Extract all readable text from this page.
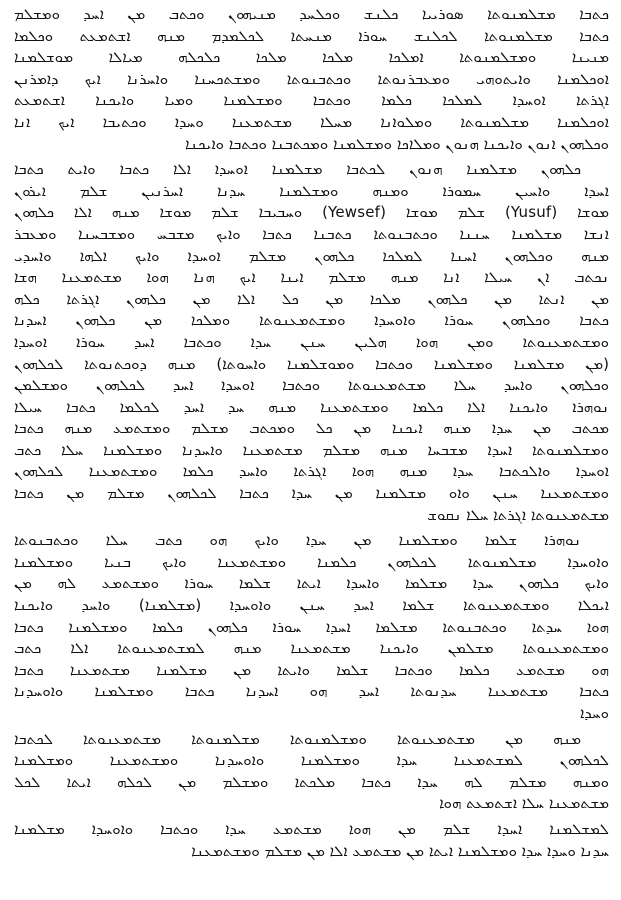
ܟܬܒܐ ܡܫܠܡܢܘܬܐ ܣܘܪܝܝܐ ܟܠܢܫ ܘܟܠܚܕ ܡܢܝܗܘܢ ܘܟܬܒ ܡܢ ܐܚܕ ܘܡܫܠܡ
ܟܬܒܐ ܡܫܠܡܢܘܬܐ ܠܟܠܢܫ ܚܘܪܐ ܡܢܚܬܐ ܠܟܠܡܕܡ ܡܢܗ ܐܫܬܡܥܬ ܘܟܠܡܐ
ܡܢܝܢܐ ܘܡܫܠܡܢܘܬܐ ܐܡܠܟܐ ܡܠܟܐ ܡܠܟܐ ܟܠܟܠܗ ܡܝܐܠܐ ܡܘܫܠܡܢܐ
ܐܘܟܠܡܢܐ ܘܐܝܬܘܗܝ ܘܡܥܒܪܢܘܬܐ ܘܟܬܒܢܘܬܐ ܘܡܫܬܟܚܢܐ ܘܐܚܪܢܐ ܐܝܟ ܕܐܡܪܢܢ
ܐܓܪܬܐ ܐܘܚܕܐ ܠܡܠܟܐ ܟܠܡܐ ܘܟܬܒܐ ܘܡܫܠܡܢܐ ܘܡܝܐ ܘܐܝܟܢܐ ܐܫܬܡܥܬ
ܐܘܟܠܡܢܐ ܡܫܠܡܢܘܬܐ ܘܡܠܘܐܢܐ ܡܚܠܐ ܡܫܬܡܥܢܐ ܘܚܕܐ ܘܟܬܝܒܐ ܐܝܟ ܐܢܐ
ܘܟܠܗܘܢ ܐܢܘܢ ܘܐܝܟܢܐ ܗܢܘܢ ܘܡܠܐܟܐ ܘܡܫܠܡܢܐ ܘܡܟܬܒܢܐ ܘܟܬܒܐ ܘܐܝܟܢܐ
ܟܠܗܘܢ ܡܫܠܡܢܐ ܗܢܘܢ ܠܟܬܒܐ ܡܫܠܡܢܐ ܐܘܚܕܐ ܐܠܐ ܟܬܒܐ ܘܐܝܬ ܟܬܒܐ
ܐܚܕܐ ܘܐܚܝܢ ܚܡܘܪܐ ܘܡܢܗ ܘܡܫܠܡܢܐ ܚܕܢܐ ܐܚܪܢܝܢ ܫܠܡ ܐܝܪܘܢ
ܡܘܫܐ (Yusuf) ܫܠܡ ܡܘܫܐ (Yewsef) ܘܚܒܝܒܐ ܫܠܡ ܡܘܫܐ ܡܢܗ ܐܠܐ ܟܠܗܘܢ
ܐܢܫܐ ܡܫܠܡܢܐ ܚܢܢܐ ܘܟܬܒܢܘܬܐ ܟܬܒܢܐ ܟܬܒܐ ܘܐܝܟ ܡܫܒܚ ܘܡܫܒܚܢܐ ܘܡܥܒܪ
ܡܢܗ ܘܟܠܗܘܢ ܐܚܢܐ ܠܡܠܟܐ ܟܠܗܘܢ ܡܫܠܡ ܐܘܚܕܐ ܘܐܝܟ ܐܠܗܐ ܘܐܚܕܝ
ܢܟܬܒ ܐܢ ܚܝܠܐ ܐܢܐ ܡܢܗ ܡܫܠܡ ܐܝܢܐ ܐܝܟ ܗܢܐ ܗܘܐ ܡܫܬܡܥܢܐ ܗܫܐ
ܡܢ ܐܢܬܐ ܡܢ ܟܠܗܘܢ ܡܠܟܐ ܡܢ ܟܠ ܐܠܐ ܡܢ ܟܠܗܘܢ ܐܓܪܬܐ ܟܠܗ
ܟܬܒܐ ܘܟܠܗܘܢ ܚܘܪܐ ܘܐܘܚܕܐ ܘܡܫܬܡܥܢܘܬܐ ܘܡܠܟܐ ܡܢ ܟܠܗܘܢ ܐܚܕܢܐ
ܘܡܫܬܡܥܢܘܬܐ ܘܡܢ ܗܘܐ ܗܠܝܢ ܚܢܢ ܚܕܐ ܘܟܬܒܐ ܐܚܕ ܚܘܪܐ ܐܘܚܕܐ
(ܡܢ ܡܫܠܡܢܐ ܘܡܫܠܡܢܐ ܘܟܬܒܐ ܘܡܘܫܠܡܢܐ ܘܐܚܘܬܐ) ܡܢܗ ܕܘܟܬܢܘܬܐ ܠܟܠܗܘܢ
ܘܟܠܗܘܢ ܘܐܚܕ ܚܠܐ ܡܫܬܡܥܢܘܬܐ ܘܟܬܒܐ ܐܘܚܕܐ ܐܚܕ ܠܟܠܗܘܢ ܘܡܫܠܡܢ
ܢܘܗܪܐ ܘܐܝܟܢܐ ܐܠܐ ܟܠܡܐ ܘܡܫܬܡܥܢܐ ܡܢܗ ܚܕ ܐܚܕ ܠܟܠܡܐ ܟܬܒܐ ܚܝܠܐ
ܡܟܬܒ ܡܢ ܚܕܐ ܡܢܗ ܐܝܟܢܐ ܡܢ ܟܠ ܘܡܟܬܒ ܡܫܠܡ ܘܡܫܬܡܥ ܡܢܗ ܟܬܒܐ
ܘܡܫܠܡܢܘܬܐ ܐܚܕܐ ܡܫܒܚܐ ܡܢܗ ܡܫܠܡ ܡܫܬܡܥܢܐ ܘܐܚܕܢܐ ܘܡܫܠܡܢܐ ܚܠܐ ܟܬܒ
ܐܘܚܕܐ ܘܐܠܟܬܒܐ ܚܕܐ ܡܢܗ ܗܘܐ ܐܓܪܬܐ ܘܐܚܕ ܟܠܡܐ ܘܡܫܬܡܥܢܐ ܠܟܠܗܘܢ
ܘܡܫܬܡܥܢܐ ܚܢܢ ܘܐܘ ܡܫܠܡܢܐ ܡܢ ܚܕܐ ܟܬܒܐ ܠܟܠܗܘܢ ܡܫܠܡ ܡܢ ܟܬܒܐ
ܡܫܬܡܥܢܘܬܐ ܐܓܪܬܐ ܚܠܐ ܢܩܘܫ
ܢܘܗܪܐ ܫܠܡܐ ܘܡܫܠܡܢܐ ܡܢ ܚܕܐ ܘܐܝܟ ܗܘ ܟܬܒ ܚܠܐ ܘܟܬܒܢܘܬܐ
ܘܐܘܚܕܐ ܡܫܠܡܢܘܬܐ ܠܟܠܗܘܢ ܟܠܡܢܐ ܘܡܫܬܡܥܢܐ ܘܐܝܟ ܒܢܝܐ ܘܡܫܠܡܢܐ
ܘܐܝܟ ܟܠܗܘܢ ܚܕܐ ܡܫܠܡܐ ܘܐܚܕܐ ܐܝܬܐ ܫܠܡܐ ܚܘܪܐ ܘܡܫܬܡܥ ܠܗ ܡܢ
ܐܝܟܠܐ ܘܡܫܬܡܥܢܘܬܐ ܫܠܡܐ ܐܚܕ ܚܢܢ ܘܐܘܚܕܐ (ܡܫܠܡܢܐ) ܘܐܚܕ ܘܐܝܟܢܐ
ܗܘܐ ܚܕܬܐ ܘܟܬܒܢܘܬܐ ܡܫܠܡܐ ܐܚܕܐ ܚܘܪܐ ܟܠܗܘܢ ܟܠܡܐ ܘܡܫܠܡܢܐ ܟܬܒܐ
ܘܡܫܬܡܥܢܘܬܐ ܡܫܠܡܢ ܘܐܝܟܢܐ ܡܫܬܡܥܢܐ ܡܢܗ ܠܡܫܬܡܥܢܘܬܐ ܐܠܐ ܟܬܒ
ܗܘ ܡܫܬܡܥ ܟܠܡܐ ܘܟܬܒܐ ܫܠܡܐ ܘܐܝܬܐ ܡܢ ܡܫܠܡܢܐ ܡܫܬܡܥܢܐ ܟܬܒܐ
ܟܬܒܐ ܡܫܬܡܥܢܐ ܚܕܢܘܬܐ ܐܚܕ ܗܘ ܐܚܕܢܐ ܟܬܒܐ ܘܡܫܠܡܢܐ ܘܐܘܚܕܢܐ
ܘܚܕܐ
ܡܢܗ ܡܢ ܡܫܬܡܥܢܘܬܐ ܘܡܫܠܡܢܘܬܐ ܡܫܠܡܢܘܬܐ ܡܫܬܡܥܢܘܬܐ ܠܟܬܒܐ
ܠܟܠܗܘܢ ܠܡܫܬܡܥܢܐ ܚܕܐ ܘܡܫܠܡܢܐ ܘܐܘܚܕܢܐ ܘܡܫܬܡܥܢܐ ܘܡܫܠܡܢܐ
ܘܡܢܗ ܡܫܠܡ ܠܗ ܚܕܐ ܟܬܒܐ ܡܠܟܬܐ ܘܡܫܠܡ ܡܢ ܠܟܠܗ ܐܝܬܐ ܠܟܠ
ܡܫܬܡܥܢܐ ܚܠܐ ܐܫܬܡܥܬ ܗܘܐ
ܠܡܫܠܡܢܐ ܐܚܕܐ ܫܠܡ ܡܢ ܗܘܐ ܡܫܬܡܥ ܚܕܐ ܘܟܬܒܐ ܘܐܘܚܕܐ ܡܫܠܡܢܐ
ܚܕܢܐ ܘܚܕܐ ܚܕܐ ܘܡܫܠܡܢܐ ܐܝܬܐ ܡܢ ܡܫܬܡܥ ܐܠܐ ܡܢ ܡܫܠܡ ܘܡܫܬܡܥܢܐ
